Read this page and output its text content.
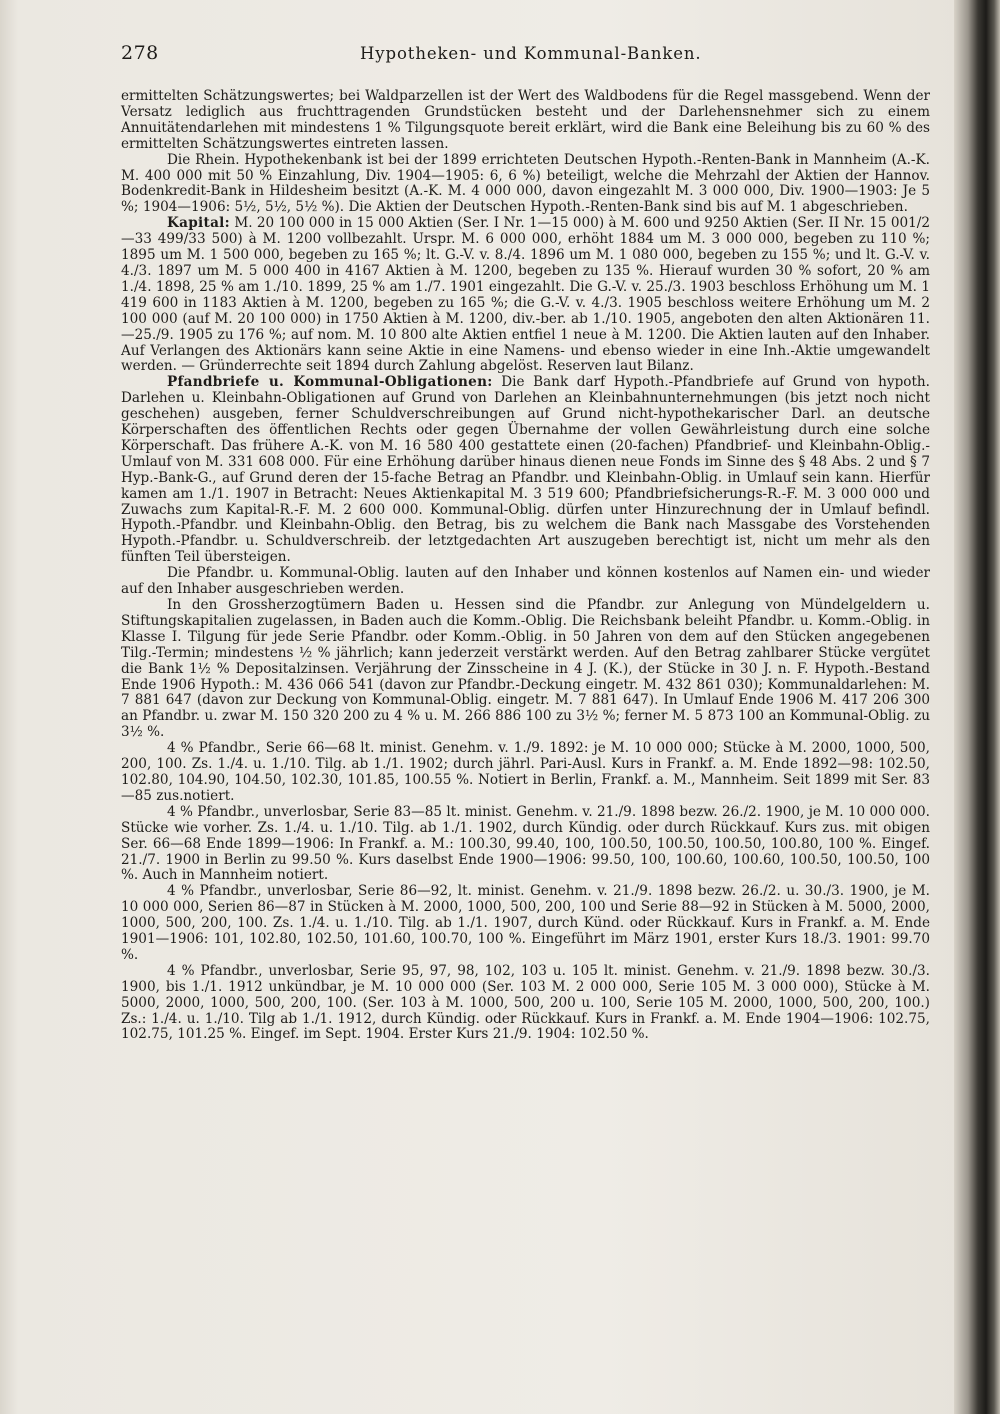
278	Hypotheken- und Kommunal-Banken.

ermittelten Schätzungswertes; bei Waldparzellen ist der Wert des Waldbodens für die Regel massgebend. Wenn der Versatz lediglich aus fruchttragenden Grundstücken besteht und der Darlehensnehmer sich zu einem Annuitätendarlehen mit mindestens 1 % Tilgungsquote bereit erklärt, wird die Bank eine Beleihung bis zu 60 % des ermittelten Schätzungswertes eintreten lassen.

Die Rhein. Hypothekenbank ist bei der 1899 errichteten Deutschen Hypoth.-Renten-Bank in Mannheim (A.-K. M. 400 000 mit 50 % Einzahlung, Div. 1904—1905: 6, 6 %) beteiligt, welche die Mehrzahl der Aktien der Hannov. Bodenkredit-Bank in Hildesheim besitzt (A.-K. M. 4 000 000, davon eingezahlt M. 3 000 000, Div. 1900—1903: Je 5 %; 1904—1906: 5½, 5½, 5½ %). Die Aktien der Deutschen Hypoth.-Renten-Bank sind bis auf M. 1 abgeschrieben.

Kapital: M. 20 100 000 in 15 000 Aktien (Ser. I Nr. 1—15 000) à M. 600 und 9250 Aktien (Ser. II Nr. 15 001/2—33 499/33 500) à M. 1200 vollbezahlt. Urspr. M. 6 000 000, erhöht 1884 um M. 3 000 000, begeben zu 110 %; 1895 um M. 1 500 000, begeben zu 165 %; lt. G.-V. v. 8./4. 1896 um M. 1 080 000, begeben zu 155 %; und lt. G.-V. v. 4./3. 1897 um M. 5 000 400 in 4167 Aktien à M. 1200, begeben zu 135 %. Hierauf wurden 30 % sofort, 20 % am 1./4. 1898, 25 % am 1./10. 1899, 25 % am 1./7. 1901 eingezahlt. Die G.-V. v. 25./3. 1903 beschloss Erhöhung um M. 1 419 600 in 1183 Aktien à M. 1200, begeben zu 165 %; die G.-V. v. 4./3. 1905 beschloss weitere Erhöhung um M. 2 100 000 (auf M. 20 100 000) in 1750 Aktien à M. 1200, div.-ber. ab 1./10. 1905, angeboten den alten Aktionären 11.—25./9. 1905 zu 176 %; auf nom. M. 10 800 alte Aktien entfiel 1 neue à M. 1200. Die Aktien lauten auf den Inhaber. Auf Verlangen des Aktionärs kann seine Aktie in eine Namens- und ebenso wieder in eine Inh.-Aktie umgewandelt werden. — Gründerrechte seit 1894 durch Zahlung abgelöst. Reserven laut Bilanz.

Pfandbriefe u. Kommunal-Obligationen: Die Bank darf Hypoth.-Pfandbriefe auf Grund von hypoth. Darlehen u. Kleinbahn-Obligationen auf Grund von Darlehen an Kleinbahnunternehmungen (bis jetzt noch nicht geschehen) ausgeben, ferner Schuldverschreibungen auf Grund nicht-hypothekarischer Darl. an deutsche Körperschaften des öffentlichen Rechts oder gegen Übernahme der vollen Gewährleistung durch eine solche Körperschaft. Das frühere A.-K. von M. 16 580 400 gestattete einen (20-fachen) Pfandbrief- und Kleinbahn-Oblig.-Umlauf von M. 331 608 000. Für eine Erhöhung darüber hinaus dienen neue Fonds im Sinne des § 48 Abs. 2 und § 7 Hyp.-Bank-G., auf Grund deren der 15-fache Betrag an Pfandbr. und Kleinbahn-Oblig. in Umlauf sein kann. Hierfür kamen am 1./1. 1907 in Betracht: Neues Aktienkapital M. 3 519 600; Pfandbriefsicherungs-R.-F. M. 3 000 000 und Zuwachs zum Kapital-R.-F. M. 2 600 000. Kommunal-Oblig. dürfen unter Hinzurechnung der in Umlauf befindl. Hypoth.-Pfandbr. und Kleinbahn-Oblig. den Betrag, bis zu welchem die Bank nach Massgabe des Vorstehenden Hypoth.-Pfandbr. u. Schuldverschreib. der letztgedachten Art auszugeben berechtigt ist, nicht um mehr als den fünften Teil übersteigen.

Die Pfandbr. u. Kommunal-Oblig. lauten auf den Inhaber und können kostenlos auf Namen ein- und wieder auf den Inhaber ausgeschrieben werden.

In den Grossherzogtümern Baden u. Hessen sind die Pfandbr. zur Anlegung von Mündelgeldern u. Stiftungskapitalien zugelassen, in Baden auch die Komm.-Oblig. Die Reichsbank beleiht Pfandbr. u. Komm.-Oblig. in Klasse I. Tilgung für jede Serie Pfandbr. oder Komm.-Oblig. in 50 Jahren von dem auf den Stücken angegebenen Tilg.-Termin; mindestens ½ % jährlich; kann jederzeit verstärkt werden. Auf den Betrag zahlbarer Stücke vergütet die Bank 1½ % Depositalzinsen. Verjährung der Zinsscheine in 4 J. (K.), der Stücke in 30 J. n. F. Hypoth.-Bestand Ende 1906 Hypoth.: M. 436 066 541 (davon zur Pfandbr.-Deckung eingetr. M. 432 861 030); Kommunaldarlehen: M. 7 881 647 (davon zur Deckung von Kommunal-Oblig. eingetr. M. 7 881 647). In Umlauf Ende 1906 M. 417 206 300 an Pfandbr. u. zwar M. 150 320 200 zu 4 % u. M. 266 886 100 zu 3½ %; ferner M. 5 873 100 an Kommunal-Oblig. zu 3½ %.

4 % Pfandbr., Serie 66—68 lt. minist. Genehm. v. 1./9. 1892: je M. 10 000 000; Stücke à M. 2000, 1000, 500, 200, 100. Zs. 1./4. u. 1./10. Tilg. ab 1./1. 1902; durch jährl. Pari-Ausl. Kurs in Frankf. a. M. Ende 1892—98: 102.50, 102.80, 104.90, 104.50, 102.30, 101.85, 100.55 %. Notiert in Berlin, Frankf. a. M., Mannheim. Seit 1899 mit Ser. 83—85 zus.notiert.

4 % Pfandbr., unverlosbar, Serie 83—85 lt. minist. Genehm. v. 21./9. 1898 bezw. 26./2. 1900, je M. 10 000 000. Stücke wie vorher. Zs. 1./4. u. 1./10. Tilg. ab 1./1. 1902, durch Kündig. oder durch Rückkauf. Kurs zus. mit obigen Ser. 66—68 Ende 1899—1906: In Frankf. a. M.: 100.30, 99.40, 100, 100.50, 100.50, 100.50, 100.80, 100 %. Eingef. 21./7. 1900 in Berlin zu 99.50 %. Kurs daselbst Ende 1900—1906: 99.50, 100, 100.60, 100.60, 100.50, 100.50, 100 %. Auch in Mannheim notiert.

4 % Pfandbr., unverlosbar, Serie 86—92, lt. minist. Genehm. v. 21./9. 1898 bezw. 26./2. u. 30./3. 1900, je M. 10 000 000, Serien 86—87 in Stücken à M. 2000, 1000, 500, 200, 100 und Serie 88—92 in Stücken à M. 5000, 2000, 1000, 500, 200, 100. Zs. 1./4. u. 1./10. Tilg. ab 1./1. 1907, durch Künd. oder Rückkauf. Kurs in Frankf. a. M. Ende 1901—1906: 101, 102.80, 102.50, 101.60, 100.70, 100 %. Eingeführt im März 1901, erster Kurs 18./3. 1901: 99.70 %.

4 % Pfandbr., unverlosbar, Serie 95, 97, 98, 102, 103 u. 105 lt. minist. Genehm. v. 21./9. 1898 bezw. 30./3. 1900, bis 1./1. 1912 unkündbar, je M. 10 000 000 (Ser. 103 M. 2 000 000, Serie 105 M. 3 000 000), Stücke à M. 5000, 2000, 1000, 500, 200, 100. (Ser. 103 à M. 1000, 500, 200 u. 100, Serie 105 M. 2000, 1000, 500, 200, 100.) Zs.: 1./4. u. 1./10. Tilg ab 1./1. 1912, durch Kündig. oder Rückkauf. Kurs in Frankf. a. M. Ende 1904—1906: 102.75, 102.75, 101.25 %. Eingef. im Sept. 1904. Erster Kurs 21./9. 1904: 102.50 %.
